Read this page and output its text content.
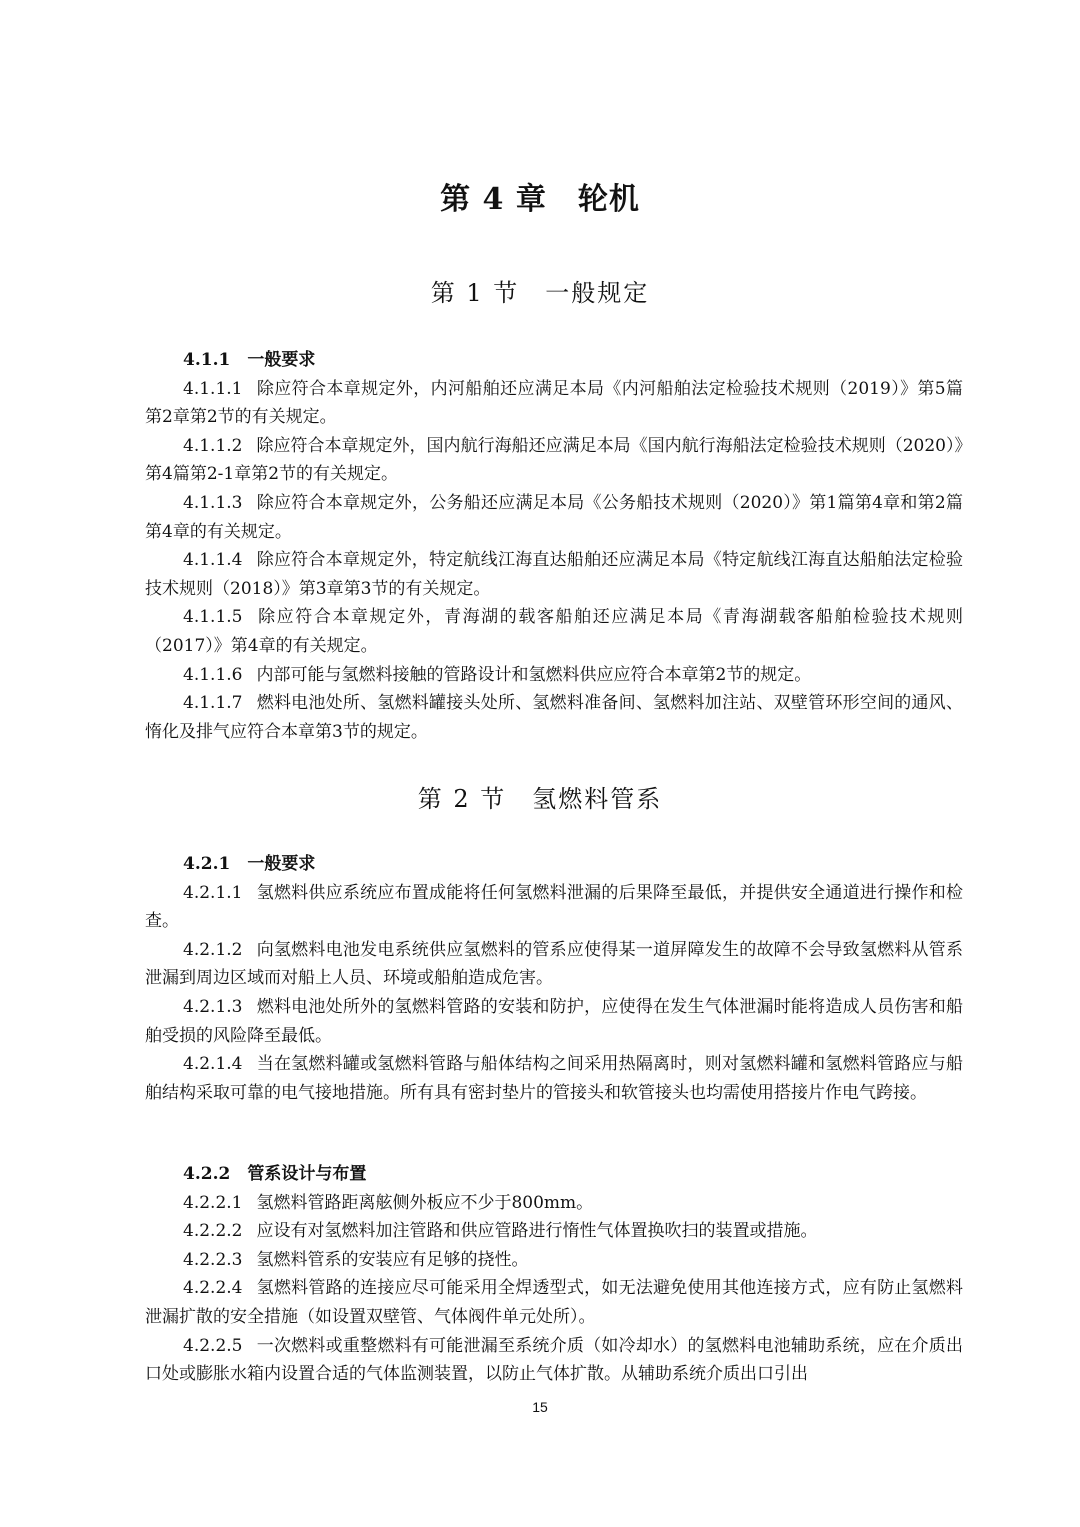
第 4 章　轮机
第 1 节　一般规定

4.1.1　一般要求

4.1.1.1 除应符合本章规定外，内河船舶还应满足本局《内河船舶法定检验技术规则（2019）》第5篇第2章第2节的有关规定。

4.1.1.2 除应符合本章规定外，国内航行海船还应满足本局《国内航行海船法定检验技术规则（2020）》第4篇第2-1章第2节的有关规定。

4.1.1.3 除应符合本章规定外，公务船还应满足本局《公务船技术规则（2020）》第1篇第4章和第2篇第4章的有关规定。

4.1.1.4 除应符合本章规定外，特定航线江海直达船舶还应满足本局《特定航线江海直达船舶法定检验技术规则（2018）》第3章第3节的有关规定。

4.1.1.5 除应符合本章规定外，青海湖的载客船舶还应满足本局《青海湖载客船舶检验技术规则（2017）》第4章的有关规定。

4.1.1.6 内部可能与氢燃料接触的管路设计和氢燃料供应应符合本章第2节的规定。

4.1.1.7 燃料电池处所、氢燃料罐接头处所、氢燃料准备间、氢燃料加注站、双壁管环形空间的通风、惰化及排气应符合本章第3节的规定。

第 2 节　氢燃料管系

4.2.1　一般要求

4.2.1.1 氢燃料供应系统应布置成能将任何氢燃料泄漏的后果降至最低，并提供安全通道进行操作和检查。

4.2.1.2 向氢燃料电池发电系统供应氢燃料的管系应使得某一道屏障发生的故障不会导致氢燃料从管系泄漏到周边区域而对船上人员、环境或船舶造成危害。

4.2.1.3 燃料电池处所外的氢燃料管路的安装和防护，应使得在发生气体泄漏时能将造成人员伤害和船舶受损的风险降至最低。

4.2.1.4 当在氢燃料罐或氢燃料管路与船体结构之间采用热隔离时，则对氢燃料罐和氢燃料管路应与船舶结构采取可靠的电气接地措施。所有具有密封垫片的管接头和软管接头也均需使用搭接片作电气跨接。

4.2.2　管系设计与布置

4.2.2.1 氢燃料管路距离舷侧外板应不少于800mm。

4.2.2.2 应设有对氢燃料加注管路和供应管路进行惰性气体置换吹扫的装置或措施。

4.2.2.3 氢燃料管系的安装应有足够的挠性。

4.2.2.4 氢燃料管路的连接应尽可能采用全焊透型式，如无法避免使用其他连接方式，应有防止氢燃料泄漏扩散的安全措施（如设置双壁管、气体阀件单元处所）。

4.2.2.5 一次燃料或重整燃料有可能泄漏至系统介质（如冷却水）的氢燃料电池辅助系统，应在介质出口处或膨胀水箱内设置合适的气体监测装置，以防止气体扩散。从辅助系统介质出口引出

15
